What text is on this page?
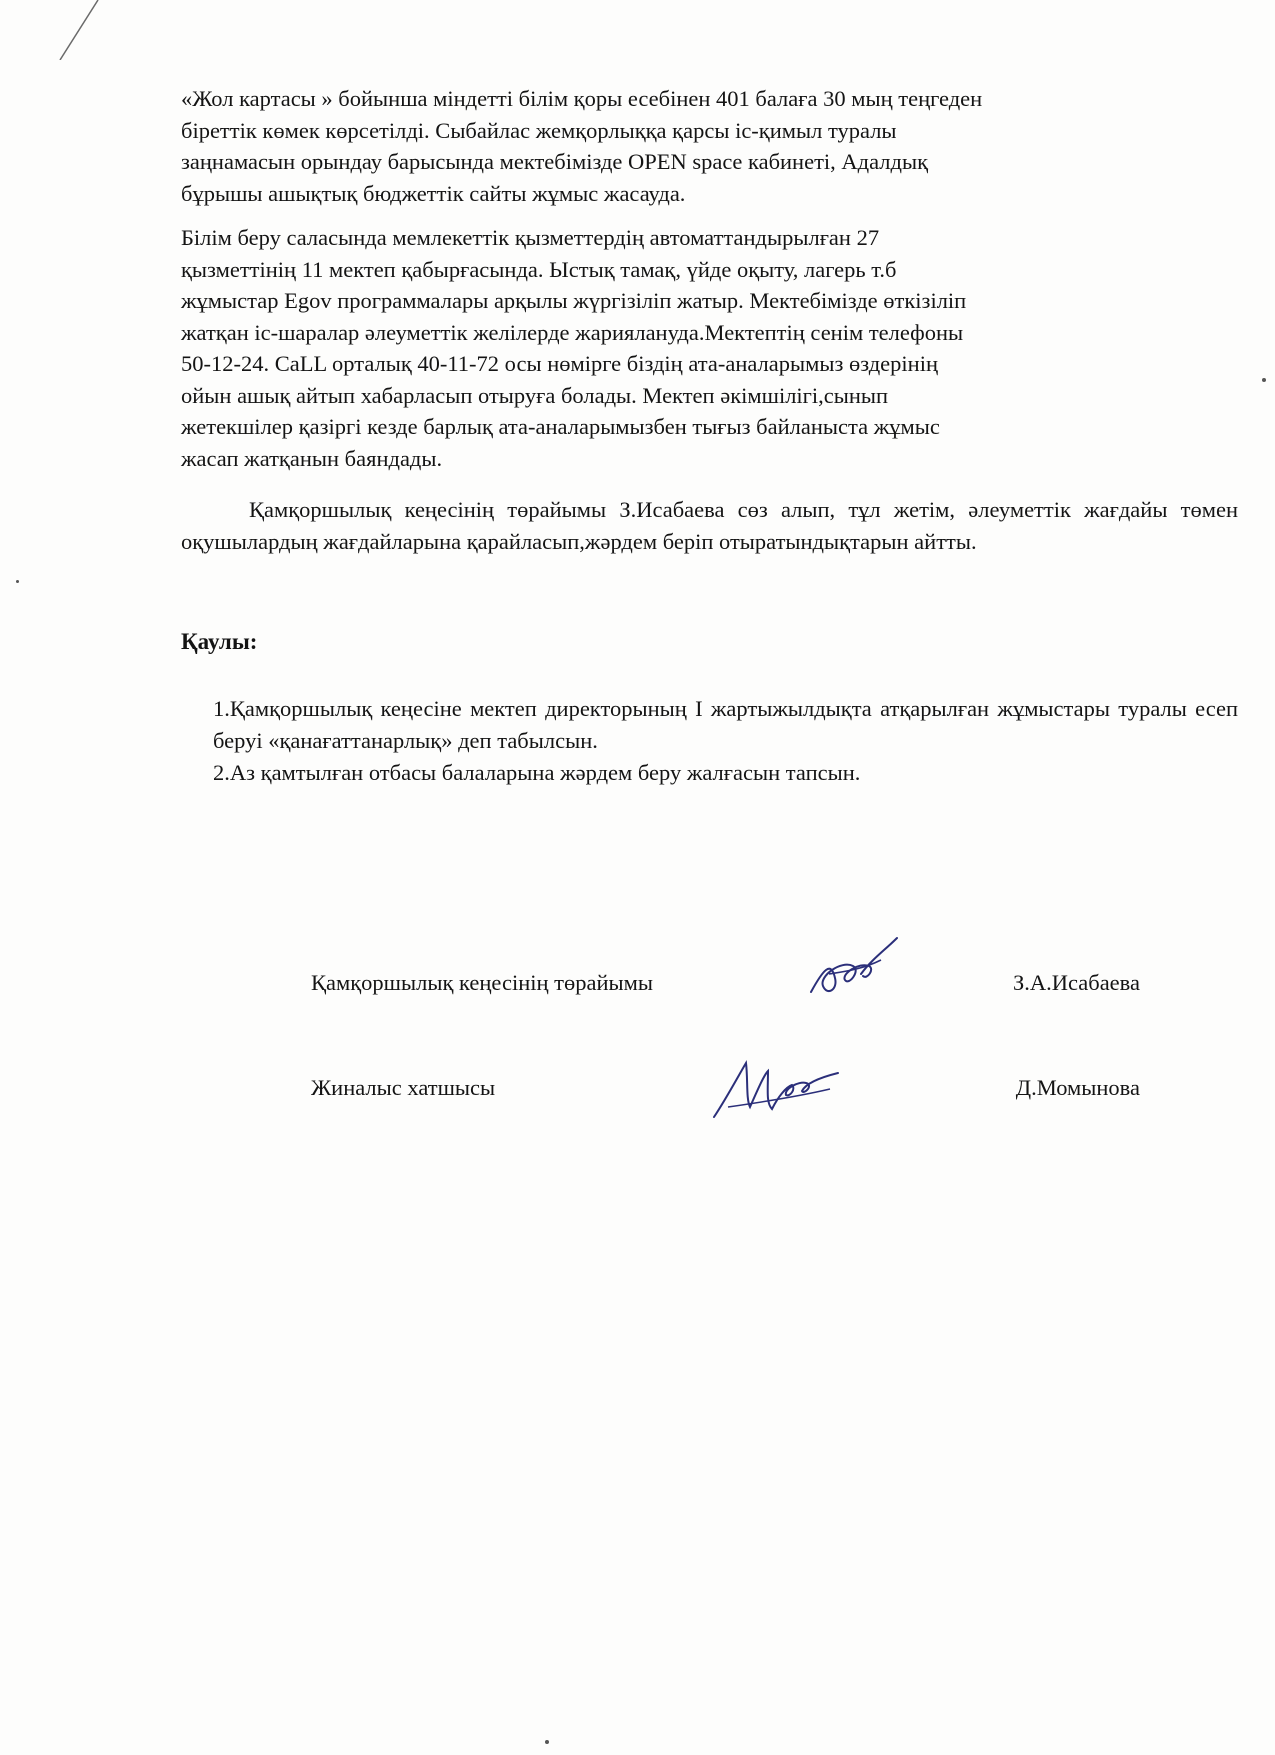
«Жол картасы » бойынша міндетті білім қоры есебінен 401 балаға 30 мың теңгеден
біреттік көмек көрсетілді. Сыбайлас жемқорлыққа қарсы іс-қимыл туралы
заңнамасын орындау барысында мектебімізде OPEN space кабинеті, Адалдық
бұрышы ашықтық бюджеттік сайты жұмыс жасауда.
Білім беру саласында мемлекеттік қызметтердің автоматтандырылған 27
қызметтінің 11 мектеп қабырғасында. Ыстық тамақ, үйде оқыту, лагерь т.б
жұмыстар Egov программалары арқылы жүргізіліп жатыр. Мектебімізде өткізіліп
жатқан іс-шаралар әлеуметтік желілерде жариялануда.Мектептің сенім телефоны
50-12-24. CaLL орталық 40-11-72 осы нөмірге біздің ата-аналарымыз өздерінің
ойын ашық айтып хабарласып отыруға болады. Мектеп әкімшілігі,сынып
жетекшілер қазіргі кезде барлық ата-аналарымызбен тығыз байланыста жұмыс
жасап жатқанын баяндады.

Қамқоршылық кеңесінің төрайымы З.Исабаева сөз алып, тұл жетім, әлеуметтік жағдайы төмен оқушылардың жағдайларына қарайласып,жәрдем беріп отыратындықтарын айтты.

Қаулы:

1.Қамқоршылық кеңесіне мектеп директорының І жартыжылдықта атқарылған жұмыстары туралы есеп беруі «қанағаттанарлық» деп табылсын.
2.Аз қамтылған отбасы балаларына жәрдем беру жалғасын тапсын.
Қамқоршылық кеңесінің төрайымы	З.А.Исабаева
Жиналыс хатшысы	Д.Момынова
